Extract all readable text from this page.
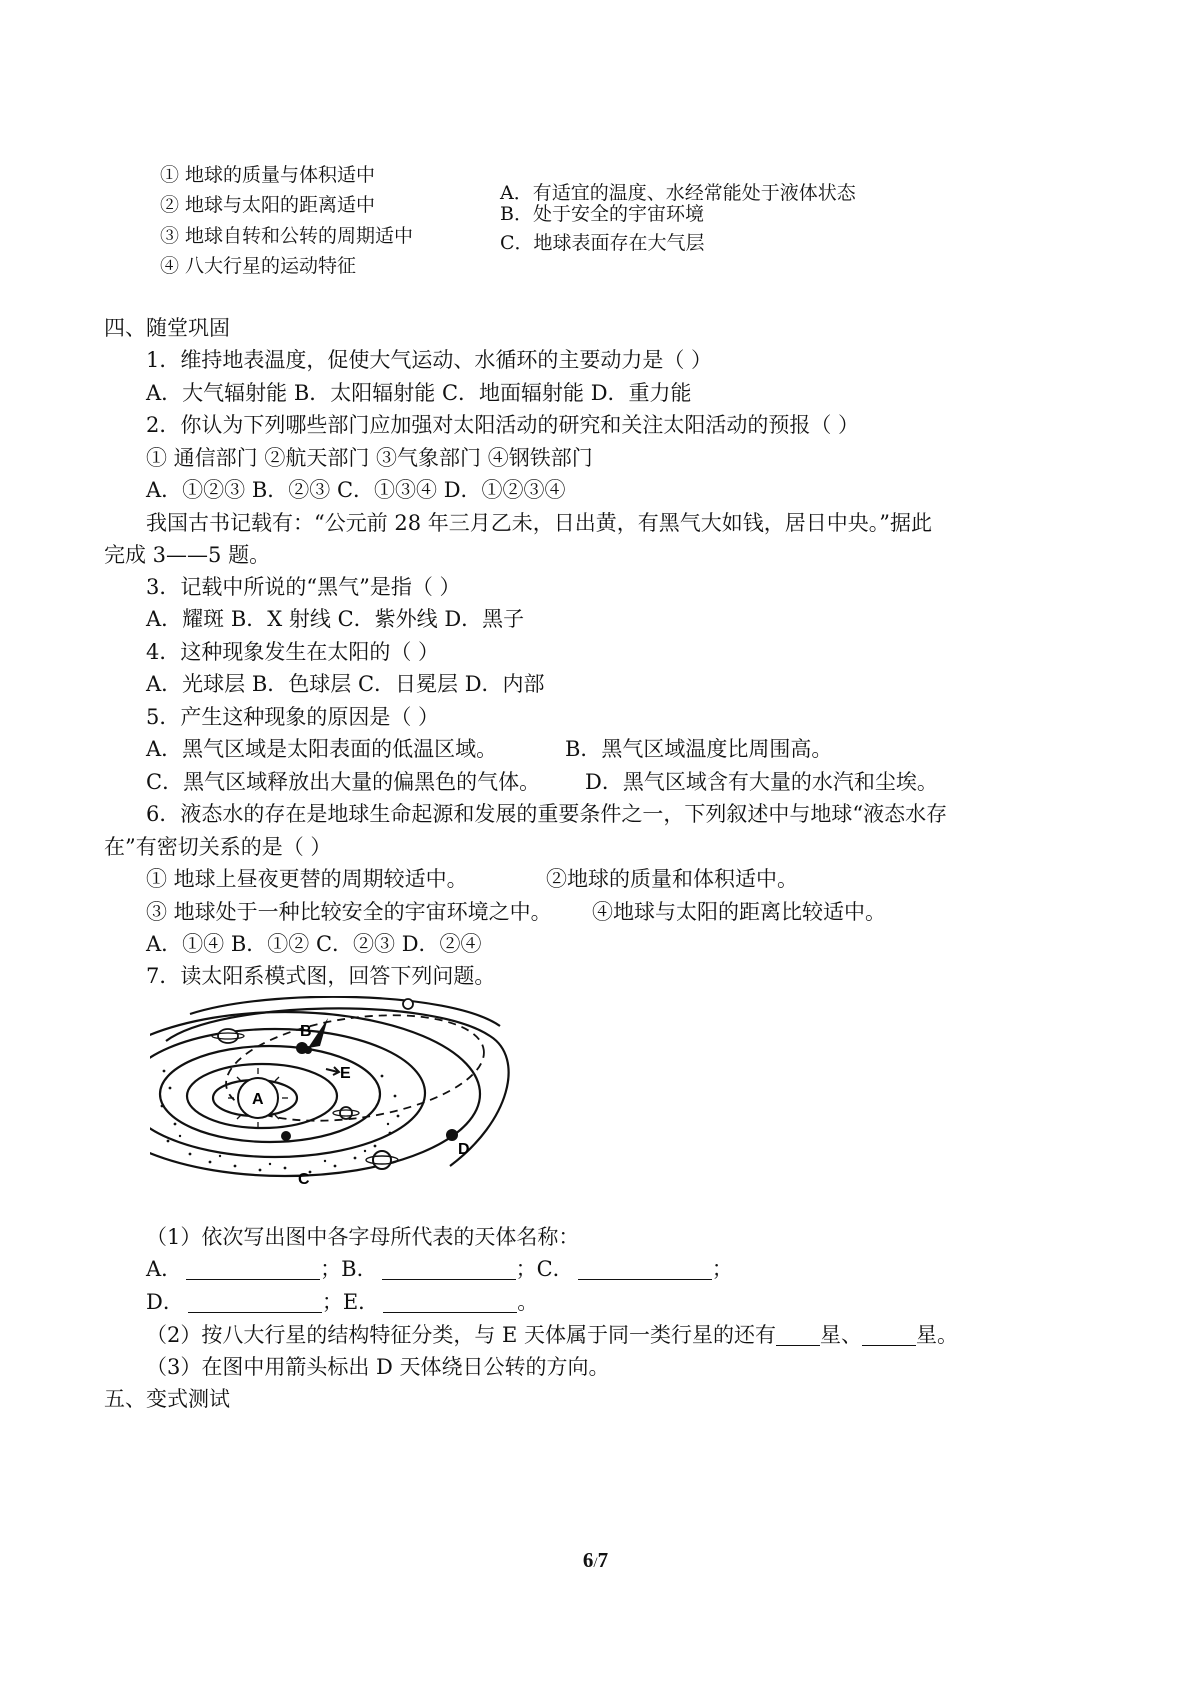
① 地球的质量与体积适中
② 地球与太阳的距离适中
③ 地球自转和公转的周期适中
④ 八大行星的运动特征
A．有适宜的温度、水经常能处于液体状态
B．处于安全的宇宙环境
C．地球表面存在大气层
四、随堂巩固
1．维持地表温度，促使大气运动、水循环的主要动力是（ ）
A．大气辐射能 B．太阳辐射能 C．地面辐射能 D．重力能
2．你认为下列哪些部门应加强对太阳活动的研究和关注太阳活动的预报（ ）
① 通信部门 ②航天部门 ③气象部门 ④钢铁部门
A．①②③ B．②③ C．①③④ D．①②③④
我国古书记载有：“公元前 28 年三月乙未，日出黄，有黑气大如钱，居日中央。”据此
完成 3——5 题。
3．记载中所说的“黑气”是指（ ）
A．耀斑 B．X 射线 C．紫外线 D．黑子
4．这种现象发生在太阳的（ ）
A．光球层 B．色球层 C．日冕层 D．内部
5．产生这种现象的原因是（ ）
A．黑气区域是太阳表面的低温区域。	B．黑气区域温度比周围高。
C．黑气区域释放出大量的偏黑色的气体。 D．黑气区域含有大量的水汽和尘埃。
6．液态水的存在是地球生命起源和发展的重要条件之一，下列叙述中与地球“液态水存
在”有密切关系的是（ ）
① 地球上昼夜更替的周期较适中。	②地球的质量和体积适中。
③ 地球处于一种比较安全的宇宙环境之中。 ④地球与太阳的距离比较适中。
A．①④ B．①② C．②③ D．②④
7．读太阳系模式图，回答下列问题。
A
B
E
C
D
（1）依次写出图中各字母所代表的天体名称：
A．	；B．	；C．	；
D．	；E．	。
（2）按八大行星的结构特征分类，与 E 天体属于同一类行星的还有 星、	星。
（3）在图中用箭头标出 D 天体绕日公转的方向。
五、变式测试
6/7
